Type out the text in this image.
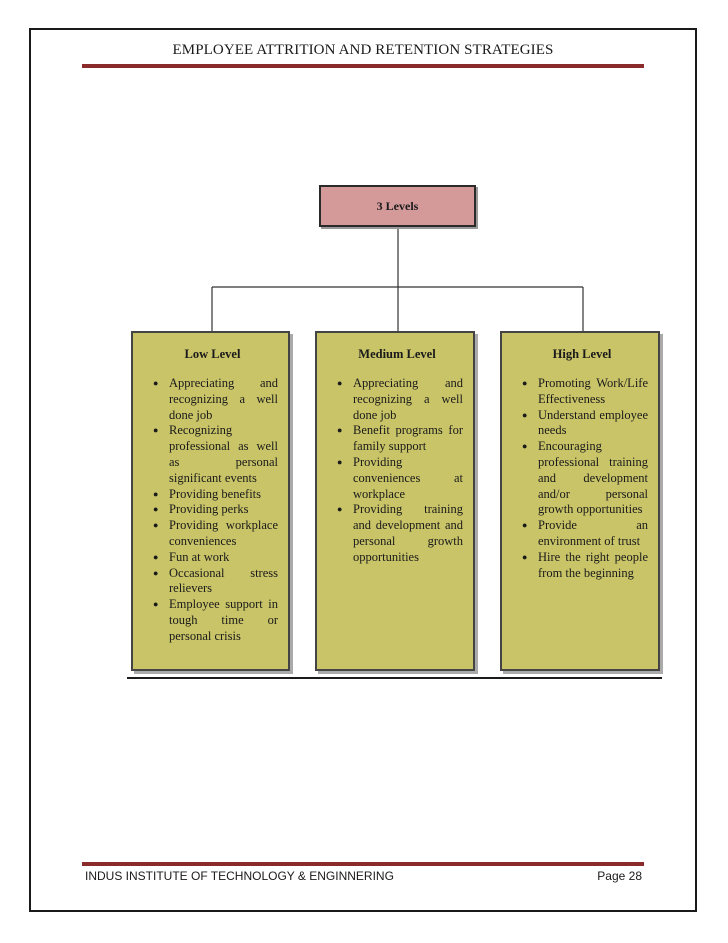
EMPLOYEE ATTRITION AND RETENTION STRATEGIES
3 Levels
Low Level
● Appreciating and recognizing a well done job
● Recognizing professional as well as personal significant events
● Providing benefits
● Providing perks
● Providing workplace conveniences
● Fun at work
● Occasional stress relievers
● Employee support in tough time or personal crisis
Medium Level
● Appreciating and recognizing a well done job
● Benefit programs for family support
● Providing conveniences at workplace
● Providing training and development and personal growth opportunities
High Level
● Promoting Work/Life Effectiveness
● Understand employee needs
● Encouraging professional training and development and/or personal growth opportunities
● Provide an environment of trust
● Hire the right people from the beginning
INDUS INSTITUTE OF TECHNOLOGY & ENGINNERING	Page 28
